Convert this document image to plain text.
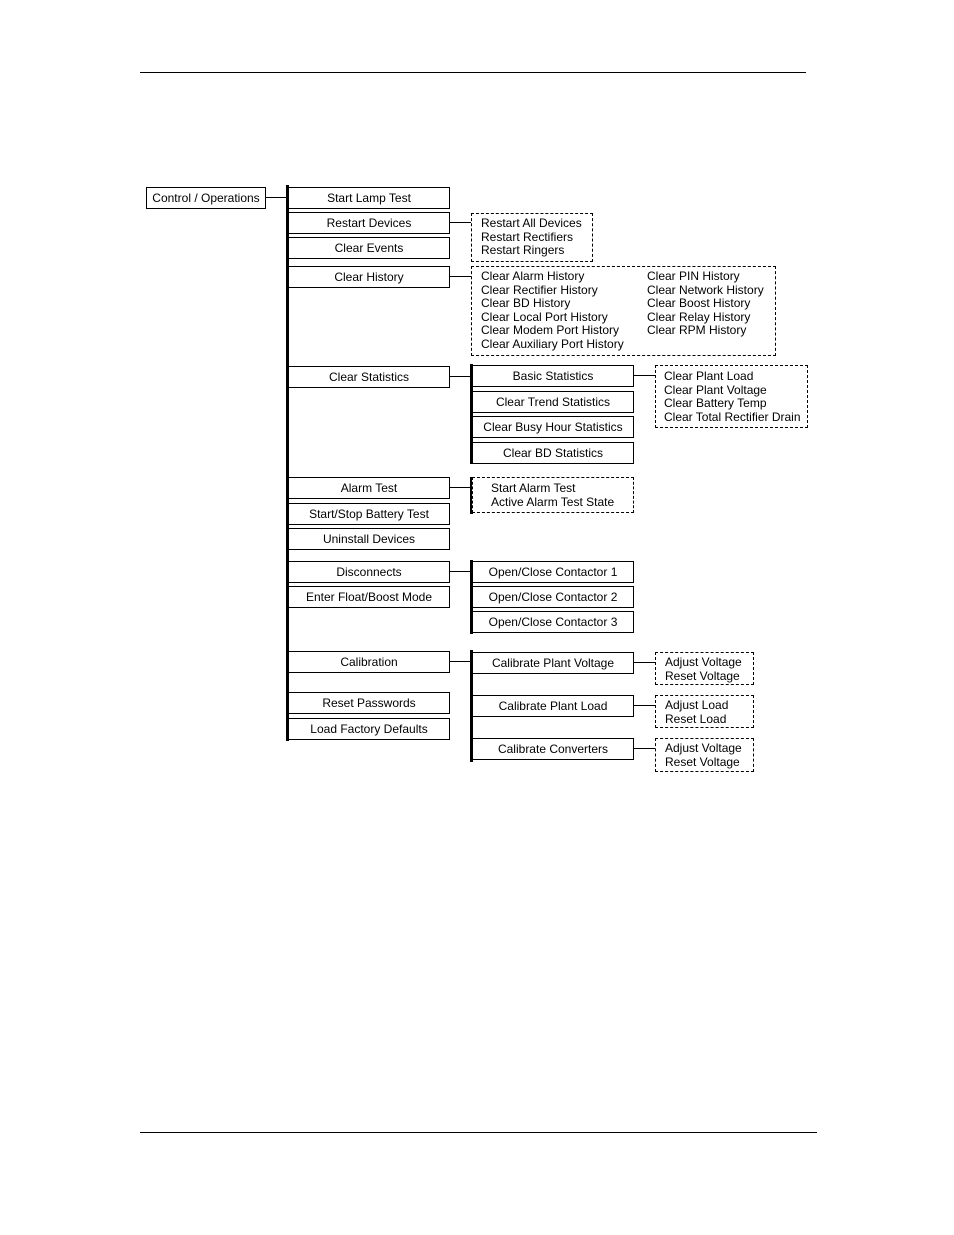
Control / Operations	Start Lamp Test
Restart Devices
Clear Events
Clear History
Clear Statistics
Alarm Test
Start/Stop Battery Test
Uninstall Devices
Disconnects
Enter Float/Boost Mode
Calibration
Reset Passwords
Load Factory Defaults
Restart All Devices
Restart Rectifiers
Restart Ringers
Clear Alarm History
Clear Rectifier History
Clear BD History
Clear Local Port History
Clear Modem Port History
Clear Auxiliary Port History
Clear PIN History
Clear Network History
Clear Boost History
Clear Relay History
Clear RPM History
Basic Statistics
Clear Trend Statistics
Clear Busy Hour Statistics
Clear BD Statistics
Clear Plant Load
Clear Plant Voltage
Clear Battery Temp
Clear Total Rectifier Drain
Start Alarm Test
Active Alarm Test State
Open/Close Contactor 1
Open/Close Contactor 2
Open/Close Contactor 3
Calibrate Plant Voltage
Calibrate Plant Load
Calibrate Converters
Adjust Voltage
Reset Voltage
Adjust Load
Reset Load
Adjust Voltage
Reset Voltage
